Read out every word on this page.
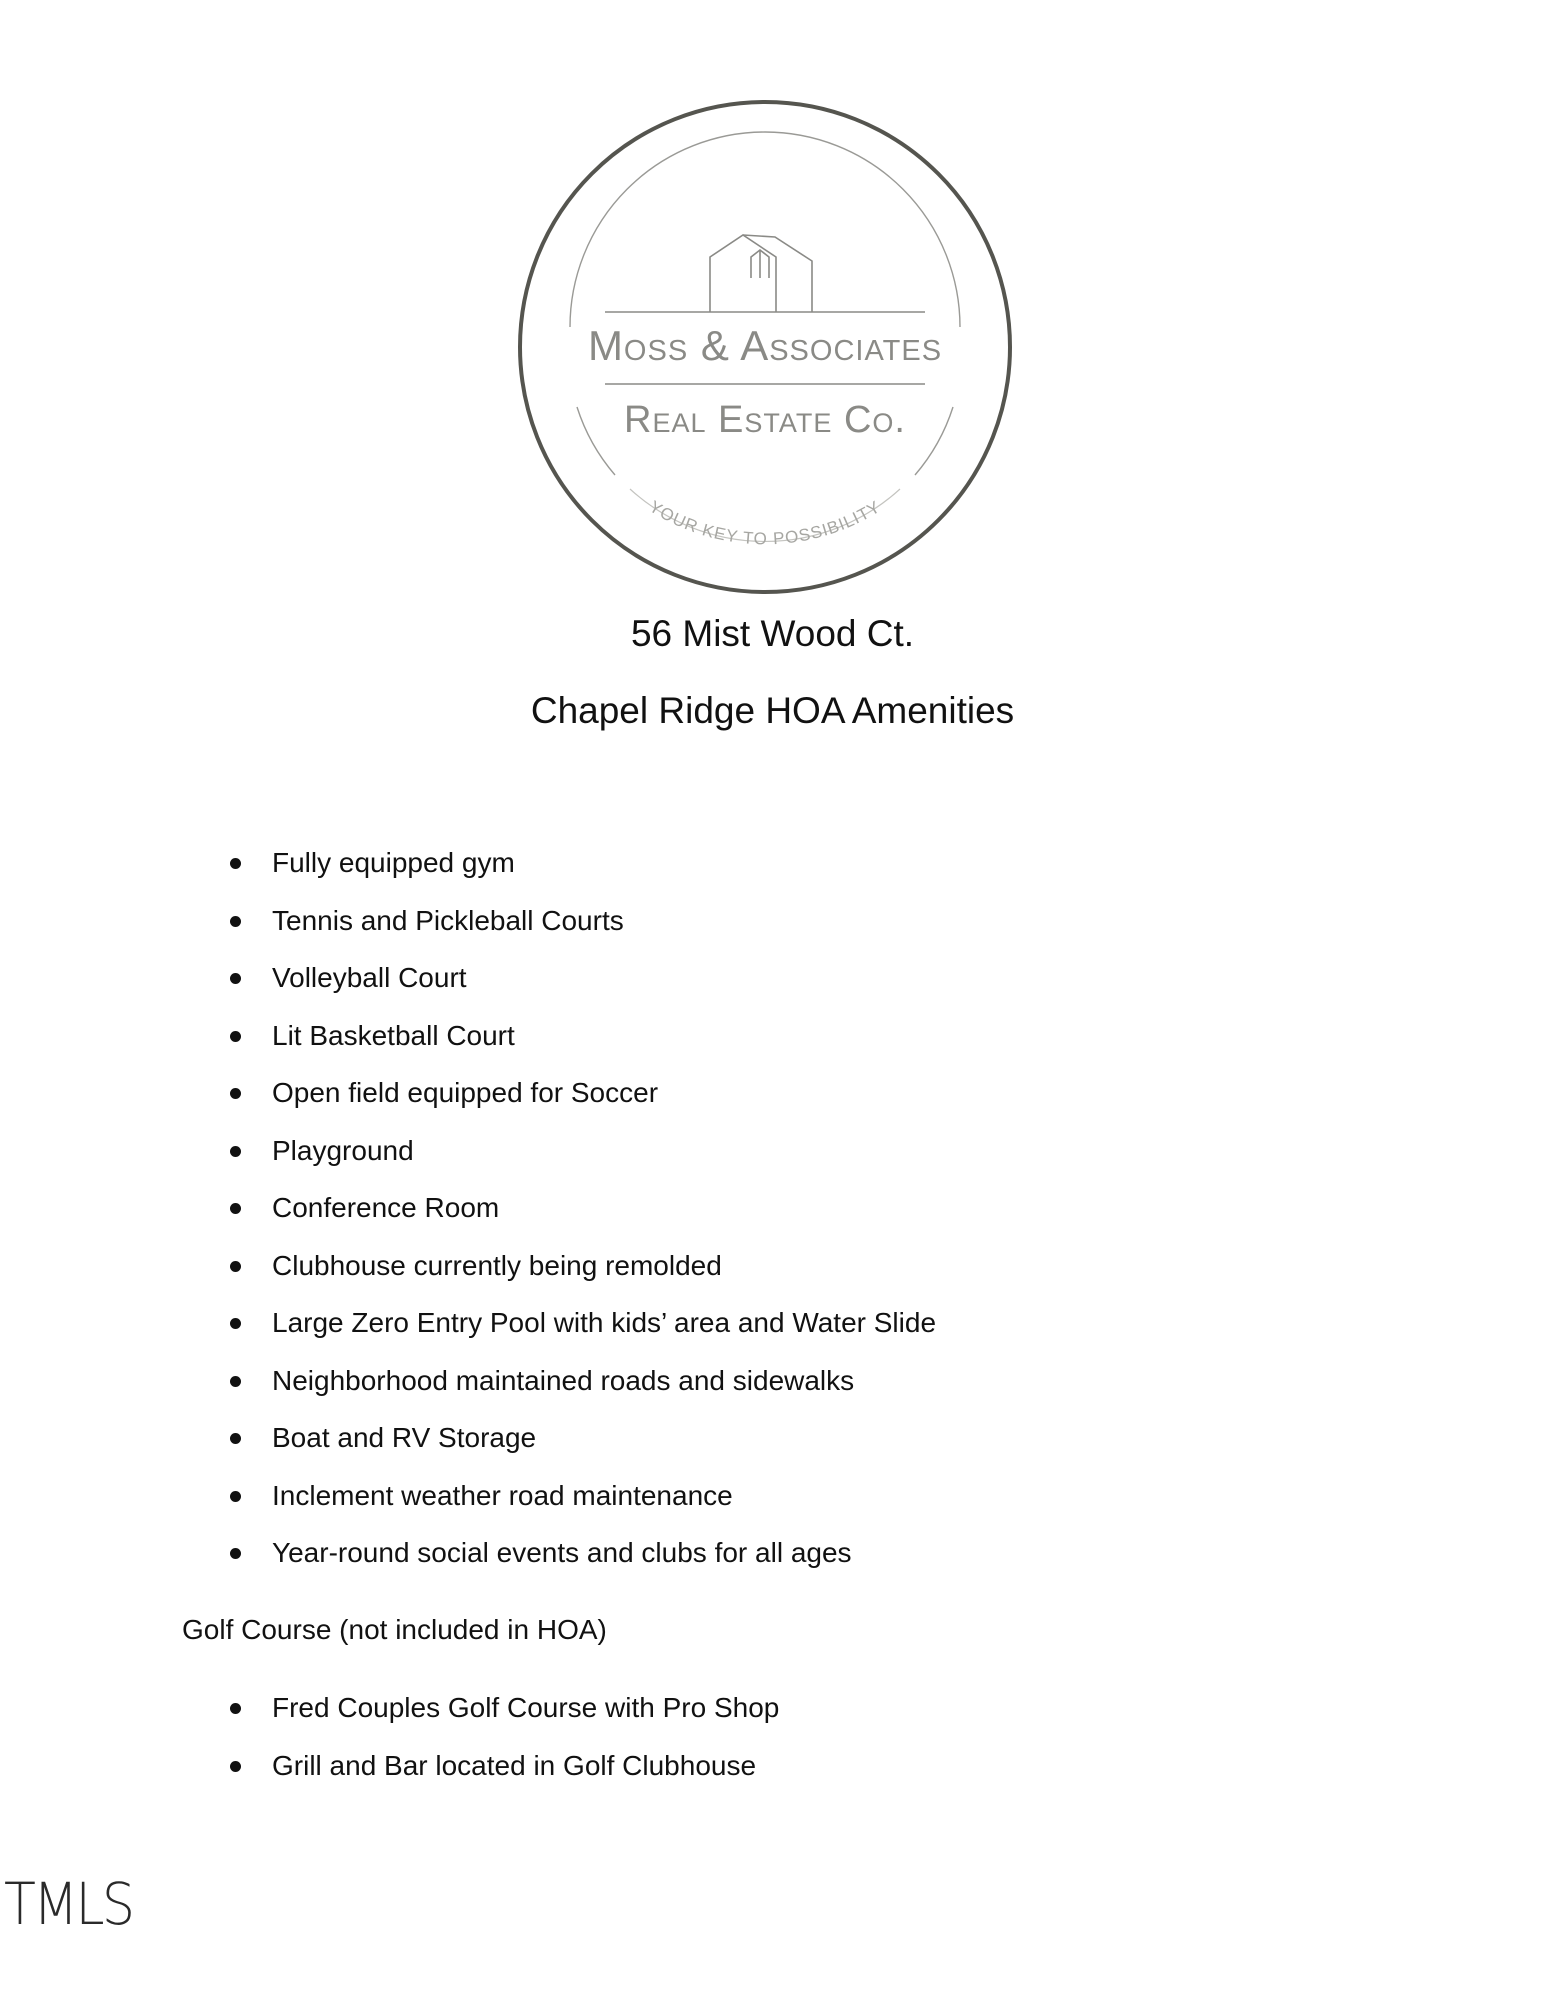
Moss & Associates
Real Estate Co.
YOUR KEY TO POSSIBILITY
56 Mist Wood Ct.
Chapel Ridge HOA Amenities
Fully equipped gym
Tennis and Pickleball Courts
Volleyball Court
Lit Basketball Court
Open field equipped for Soccer
Playground
Conference Room
Clubhouse currently being remolded
Large Zero Entry Pool with kids’ area and Water Slide
Neighborhood maintained roads and sidewalks
Boat and RV Storage
Inclement weather road maintenance
Year-round social events and clubs for all ages

Golf Course (not included in HOA)

Fred Couples Golf Course with Pro Shop
Grill and Bar located in Golf Clubhouse
TMLS
